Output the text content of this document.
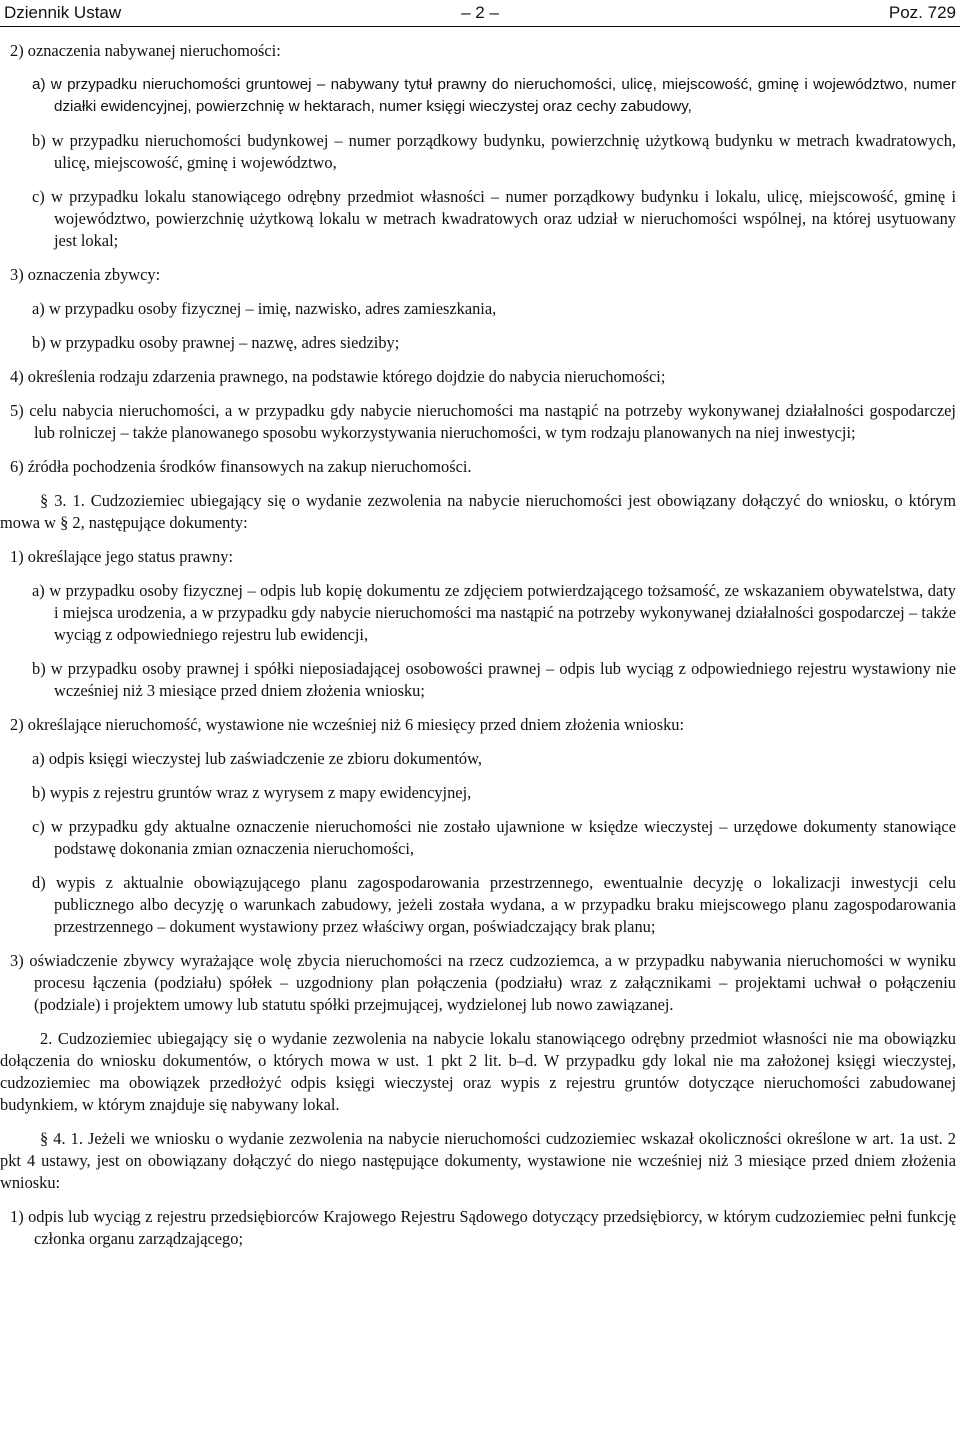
Dziennik Ustaw	– 2 –	Poz. 729

2) oznaczenia nabywanej nieruchomości:

a) w przypadku nieruchomości gruntowej – nabywany tytuł prawny do nieruchomości, ulicę, miejscowość, gminę i województwo, numer działki ewidencyjnej, powierzchnię w hektarach, numer księgi wieczystej oraz cechy zabudowy,

b) w przypadku nieruchomości budynkowej – numer porządkowy budynku, powierzchnię użytkową budynku w metrach kwadratowych, ulicę, miejscowość, gminę i województwo,

c) w przypadku lokalu stanowiącego odrębny przedmiot własności – numer porządkowy budynku i lokalu, ulicę, miejscowość, gminę i województwo, powierzchnię użytkową lokalu w metrach kwadratowych oraz udział w nieruchomości wspólnej, na której usytuowany jest lokal;

3) oznaczenia zbywcy:

a) w przypadku osoby fizycznej – imię, nazwisko, adres zamieszkania,

b) w przypadku osoby prawnej – nazwę, adres siedziby;

4) określenia rodzaju zdarzenia prawnego, na podstawie którego dojdzie do nabycia nieruchomości;

5) celu nabycia nieruchomości, a w przypadku gdy nabycie nieruchomości ma nastąpić na potrzeby wykonywanej działalności gospodarczej lub rolniczej – także planowanego sposobu wykorzystywania nieruchomości, w tym rodzaju planowanych na niej inwestycji;

6) źródła pochodzenia środków finansowych na zakup nieruchomości.

§ 3. 1. Cudzoziemiec ubiegający się o wydanie zezwolenia na nabycie nieruchomości jest obowiązany dołączyć do wniosku, o którym mowa w § 2, następujące dokumenty:

1) określające jego status prawny:

a) w przypadku osoby fizycznej – odpis lub kopię dokumentu ze zdjęciem potwierdzającego tożsamość, ze wskazaniem obywatelstwa, daty i miejsca urodzenia, a w przypadku gdy nabycie nieruchomości ma nastąpić na potrzeby wykonywanej działalności gospodarczej – także wyciąg z odpowiedniego rejestru lub ewidencji,

b) w przypadku osoby prawnej i spółki nieposiadającej osobowości prawnej – odpis lub wyciąg z odpowiedniego rejestru wystawiony nie wcześniej niż 3 miesiące przed dniem złożenia wniosku;

2) określające nieruchomość, wystawione nie wcześniej niż 6 miesięcy przed dniem złożenia wniosku:

a) odpis księgi wieczystej lub zaświadczenie ze zbioru dokumentów,

b) wypis z rejestru gruntów wraz z wyrysem z mapy ewidencyjnej,

c) w przypadku gdy aktualne oznaczenie nieruchomości nie zostało ujawnione w księdze wieczystej – urzędowe dokumenty stanowiące podstawę dokonania zmian oznaczenia nieruchomości,

d) wypis z aktualnie obowiązującego planu zagospodarowania przestrzennego, ewentualnie decyzję o lokalizacji inwestycji celu publicznego albo decyzję o warunkach zabudowy, jeżeli została wydana, a w przypadku braku miejscowego planu zagospodarowania przestrzennego – dokument wystawiony przez właściwy organ, poświadczający brak planu;

3) oświadczenie zbywcy wyrażające wolę zbycia nieruchomości na rzecz cudzoziemca, a w przypadku nabywania nieruchomości w wyniku procesu łączenia (podziału) spółek – uzgodniony plan połączenia (podziału) wraz z załącznikami – projektami uchwał o połączeniu (podziale) i projektem umowy lub statutu spółki przejmującej, wydzielonej lub nowo zawiązanej.

2. Cudzoziemiec ubiegający się o wydanie zezwolenia na nabycie lokalu stanowiącego odrębny przedmiot własności nie ma obowiązku dołączenia do wniosku dokumentów, o których mowa w ust. 1 pkt 2 lit. b–d. W przypadku gdy lokal nie ma założonej księgi wieczystej, cudzoziemiec ma obowiązek przedłożyć odpis księgi wieczystej oraz wypis z rejestru gruntów dotyczące nieruchomości zabudowanej budynkiem, w którym znajduje się nabywany lokal.

§ 4. 1. Jeżeli we wniosku o wydanie zezwolenia na nabycie nieruchomości cudzoziemiec wskazał okoliczności określone w art. 1a ust. 2 pkt 4 ustawy, jest on obowiązany dołączyć do niego następujące dokumenty, wystawione nie wcześniej niż 3 miesiące przed dniem złożenia wniosku:

1) odpis lub wyciąg z rejestru przedsiębiorców Krajowego Rejestru Sądowego dotyczący przedsiębiorcy, w którym cudzoziemiec pełni funkcję członka organu zarządzającego;
